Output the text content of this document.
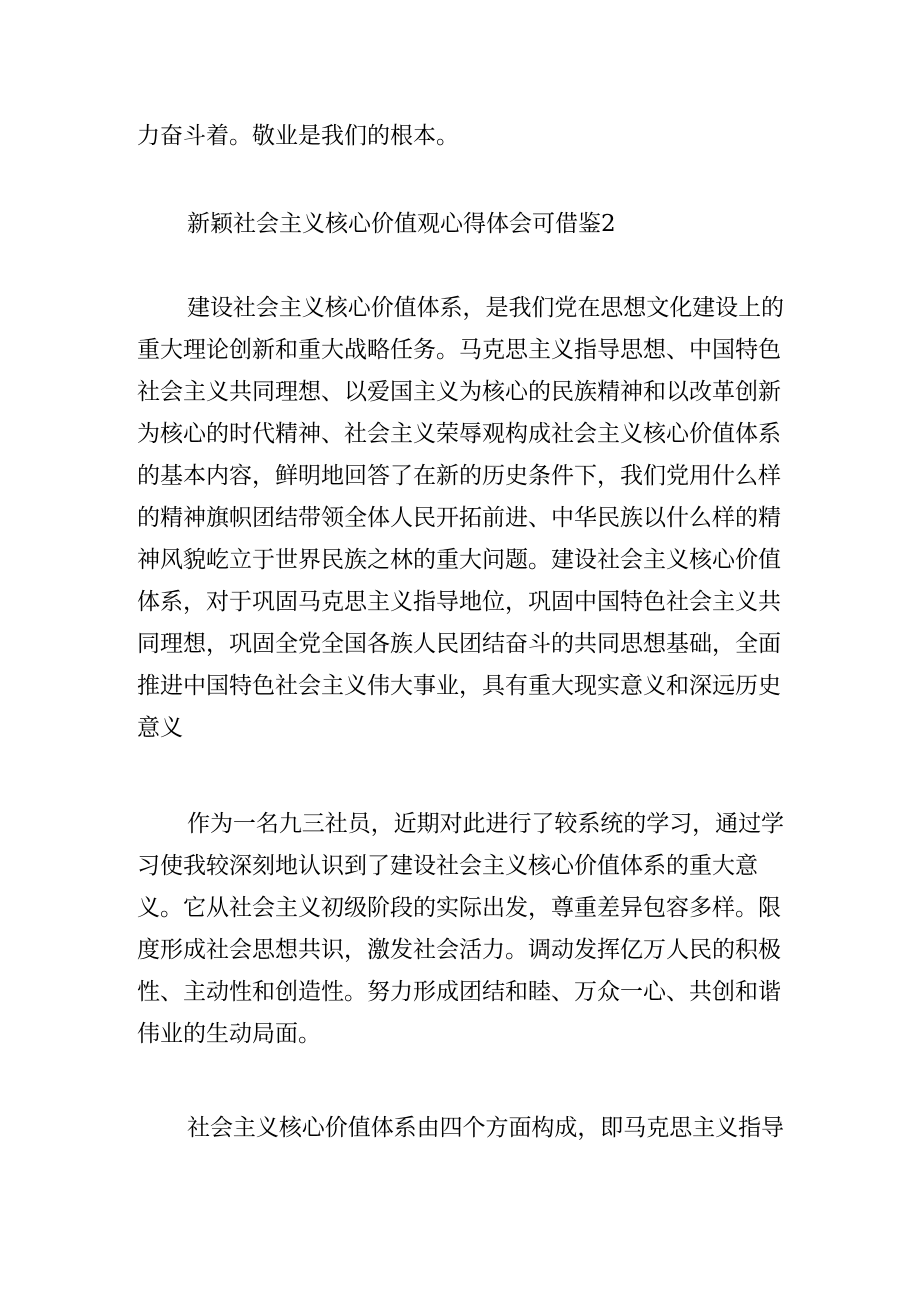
力奋斗着。敬业是我们的根本。
新颖社会主义核心价值观心得体会可借鉴2
建设社会主义核心价值体系，是我们党在思想文化建设上的
重大理论创新和重大战略任务。马克思主义指导思想、中国特色
社会主义共同理想、以爱国主义为核心的民族精神和以改革创新
为核心的时代精神、社会主义荣辱观构成社会主义核心价值体系
的基本内容，鲜明地回答了在新的历史条件下，我们党用什么样
的精神旗帜团结带领全体人民开拓前进、中华民族以什么样的精
神风貌屹立于世界民族之林的重大问题。建设社会主义核心价值
体系，对于巩固马克思主义指导地位，巩固中国特色社会主义共
同理想，巩固全党全国各族人民团结奋斗的共同思想基础，全面
推进中国特色社会主义伟大事业，具有重大现实意义和深远历史
意义
作为一名九三社员，近期对此进行了较系统的学习，通过学
习使我较深刻地认识到了建设社会主义核心价值体系的重大意
义。它从社会主义初级阶段的实际出发，尊重差异包容多样。限
度形成社会思想共识，激发社会活力。调动发挥亿万人民的积极
性、主动性和创造性。努力形成团结和睦、万众一心、共创和谐
伟业的生动局面。
社会主义核心价值体系由四个方面构成，即马克思主义指导
